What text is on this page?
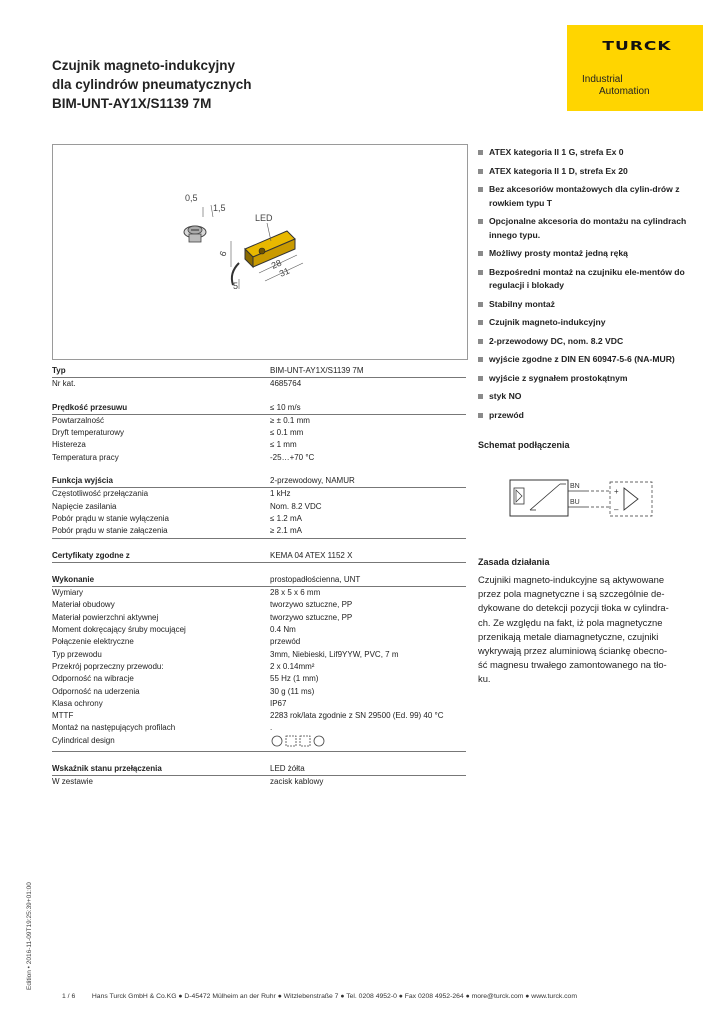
Czujnik magneto-indukcyjny
dla cylindrów pneumatycznych
BIM-UNT-AY1X/S1139 7M
TURCK
Industrial
Automation
0,5
1,5
LED
6
28
31
5
ATEX kategoria II 1 G, strefa Ex 0
ATEX kategoria II 1 D, strefa Ex 20
Bez akcesoriów montażowych dla cylin-drów z rowkiem typu T
Opcjonalne akcesoria do montażu na cylindrach innego typu.
Możliwy prosty montaż jedną ręką
Bezpośredni montaż na czujniku ele-mentów do regulacji i blokady
Stabilny montaż
Czujnik magneto-indukcyjny
2-przewodowy DC, nom. 8.2 VDC
wyjście zgodne z DIN EN 60947-5-6 (NA-MUR)
wyjście z sygnałem prostokątnym
styk NO
przewód
Typ	BIM-UNT-AY1X/S1139 7M
Nr kat.	4685764
Prędkość przesuwu	≤ 10 m/s
Powtarzalność	≥ ± 0.1 mm
Dryft temperaturowy	≤ 0.1 mm
Histereza	≤ 1 mm
Temperatura pracy	-25…+70 °C
Funkcja wyjścia	2-przewodowy, NAMUR
Częstotliwość przełączania	1 kHz
Napięcie zasilania	Nom. 8.2 VDC
Pobór prądu w stanie wyłączenia	≤ 1.2 mA
Pobór prądu w stanie załączenia	≥ 2.1 mA
Certyfikaty zgodne z	KEMA 04 ATEX 1152 X
Wykonanie	prostopadłościenna, UNT
Wymiary	28 x 5 x 6 mm
Materiał obudowy	tworzywo sztuczne, PP
Materiał powierzchni aktywnej	tworzywo sztuczne, PP
Moment dokręcający śruby mocującej	0.4 Nm
Połączenie elektryczne	przewód
Typ przewodu	3mm, Niebieski, Lif9YYW, PVC, 7 m
Przekrój poprzeczny przewodu:	2 x 0.14mm²
Odporność na wibracje	55 Hz (1 mm)
Odporność na uderzenia	30 g (11 ms)
Klasa ochrony	IP67
MTTF	2283 rok/lata zgodnie z SN 29500 (Ed. 99) 40 °C
Montaż na następujących profilach	.
Cylindrical design
Wskaźnik stanu przełączenia	LED żółta
W zestawie	zacisk kablowy
Schemat podłączenia
BN
BU
+
–
Zasada działania
Czujniki magneto-indukcyjne są aktywowane
przez pola magnetyczne i są szczególnie de-
dykowane do detekcji pozycji tłoka w cylindra-
ch. Ze względu na fakt, iż pola magnetyczne
przenikają metale diamagnetyczne, czujniki
wykrywają przez aluminiową ściankę obecno-
ść magnesu trwałego zamontowanego na tło-
ku.
Edition • 2016-11-09T19:25:39+01:00
1 / 6 Hans Turck GmbH & Co.KG ● D-45472 Mülheim an der Ruhr ● Witzlebenstraße 7 ● Tel. 0208 4952-0 ● Fax 0208 4952-264 ● more@turck.com ● www.turck.com
